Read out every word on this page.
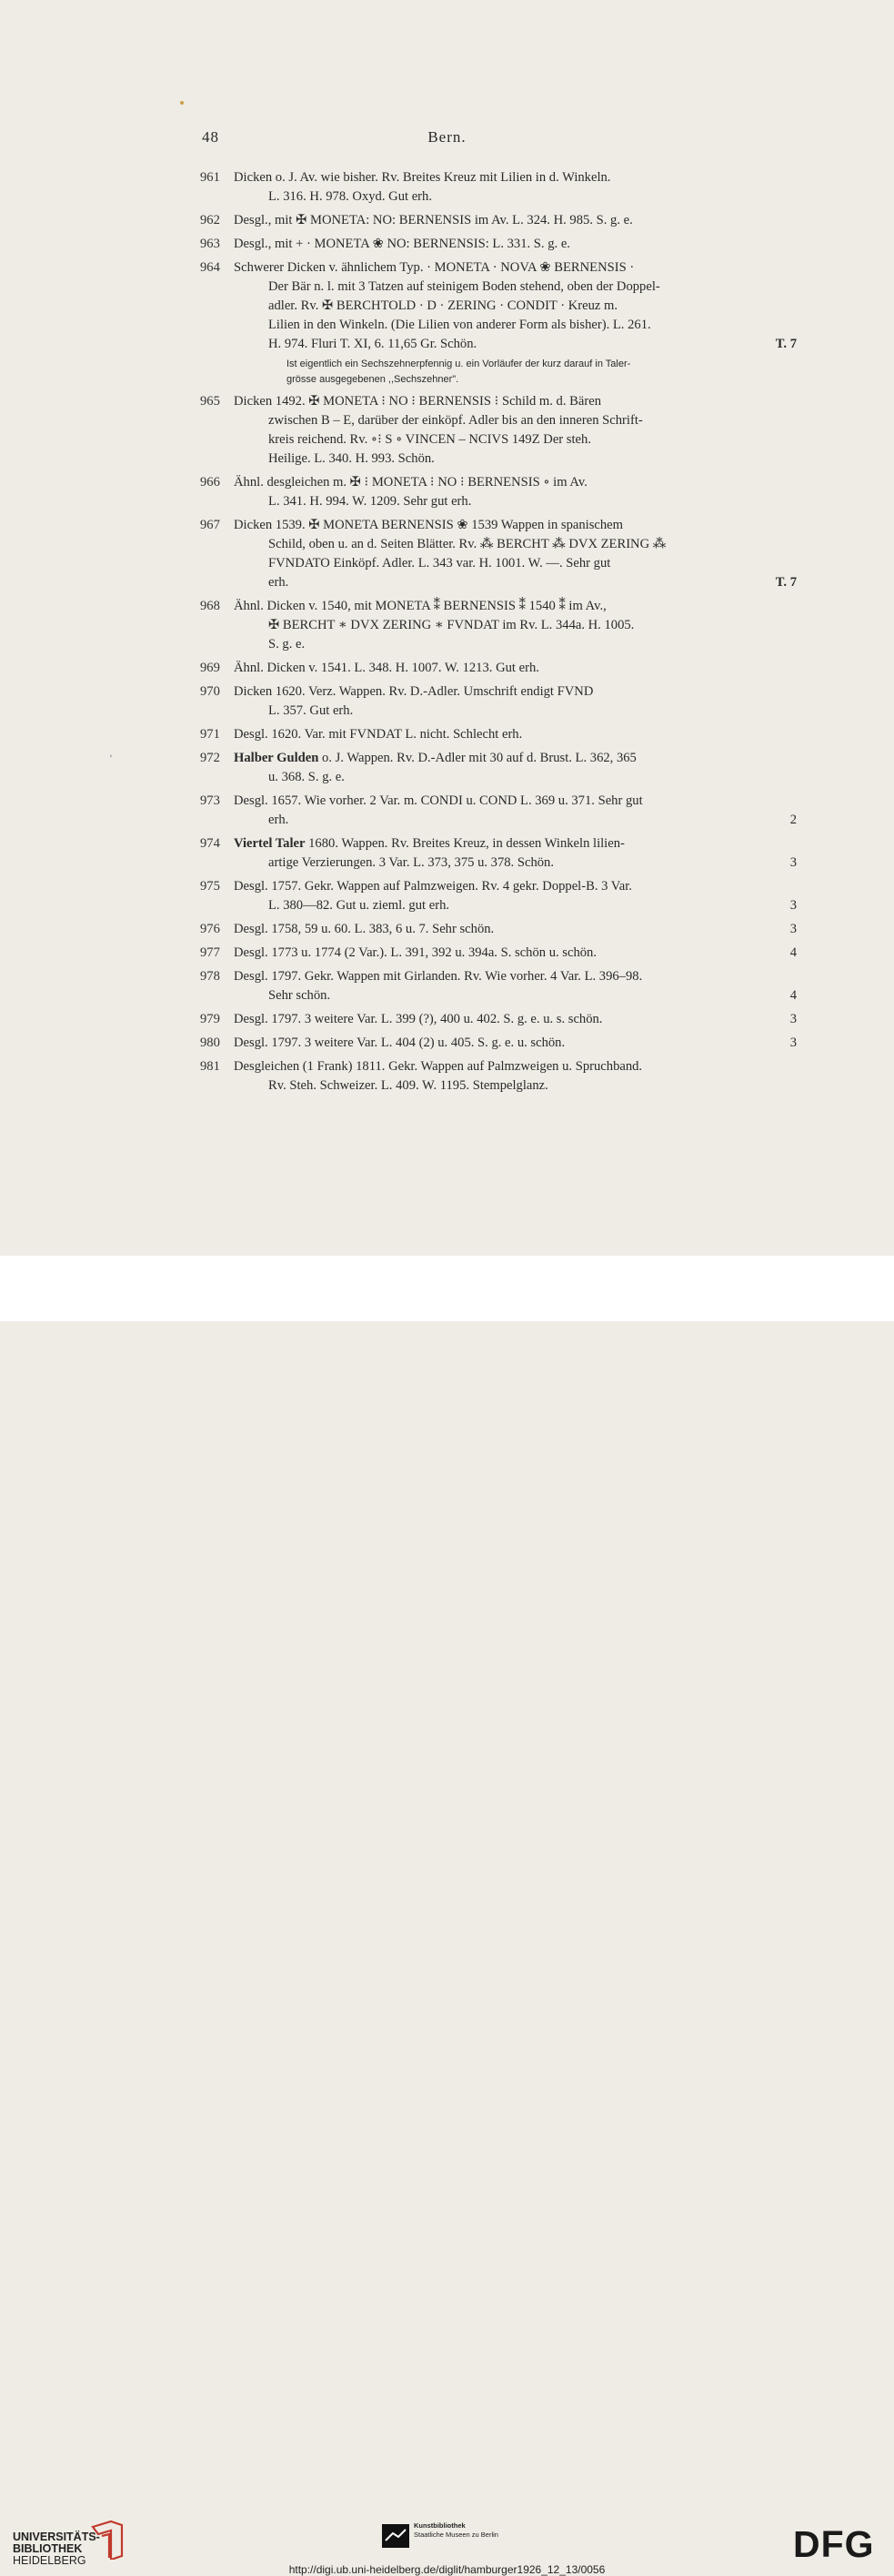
48	Bern.
‘
961	Dicken o. J. Av. wie bisher. Rv. Breites Kreuz mit Lilien in d. Winkeln.
L. 316. H. 978. Oxyd. Gut erh.
962	Desgl., mit ✠ MONETA: NO: BERNENSIS im Av. L. 324. H. 985. S. g. e.
963	Desgl., mit + · MONETA ❀ NO: BERNENSIS: L. 331. S. g. e.
964	Schwerer Dicken v. ähnlichem Typ. · MONETA · NOVA ❀ BERNENSIS ·
Der Bär n. l. mit 3 Tatzen auf steinigem Boden stehend, oben der Doppel-
adler. Rv. ✠ BERCHTOLD · D · ZERING · CONDIT · Kreuz m.
Lilien in den Winkeln. (Die Lilien von anderer Form als bisher). L. 261.
H. 974. Fluri T. XI, 6. 11,65 Gr. Schön.	T. 7
Ist eigentlich ein Sechszehnerpfennig u. ein Vorläufer der kurz darauf in Taler-
grösse ausgegebenen ,,Sechszehner".
965	Dicken 1492. ✠ MONETA ⁝ NO ⁝ BERNENSIS ⁝ Schild m. d. Bären
zwischen B – E, darüber der einköpf. Adler bis an den inneren Schrift-
kreis reichend. Rv. ∘⁝ S ∘ VINCEN – NCIVS 149Z Der steh.
Heilige. L. 340. H. 993. Schön.
966	Ähnl. desgleichen m. ✠ ⁝ MONETA ⁝ NO ⁝ BERNENSIS ∘ im Av.
L. 341. H. 994. W. 1209. Sehr gut erh.
967	Dicken 1539. ✠ MONETA BERNENSIS ❀ 1539 Wappen in spanischem
Schild, oben u. an d. Seiten Blätter. Rv. ⁂ BERCHT ⁂ DVX ZERING ⁂
FVNDATO Einköpf. Adler. L. 343 var. H. 1001. W. —. Sehr gut
erh.	T. 7
968	Ähnl. Dicken v. 1540, mit MONETA ⁑ BERNENSIS ⁑ 1540 ⁑ im Av.,
✠ BERCHT ∗ DVX ZERING ∗ FVNDAT im Rv. L. 344a. H. 1005.
S. g. e.
969	Ähnl. Dicken v. 1541. L. 348. H. 1007. W. 1213. Gut erh.
970	Dicken 1620. Verz. Wappen. Rv. D.-Adler. Umschrift endigt FVND
L. 357. Gut erh.
971	Desgl. 1620. Var. mit FVNDAT L. nicht. Schlecht erh.
972	Halber Gulden o. J. Wappen. Rv. D.-Adler mit 30 auf d. Brust. L. 362, 365
u. 368. S. g. e.
973	Desgl. 1657. Wie vorher. 2 Var. m. CONDI u. COND L. 369 u. 371. Sehr gut
erh.	2
974	Viertel Taler 1680. Wappen. Rv. Breites Kreuz, in dessen Winkeln lilien-
artige Verzierungen. 3 Var. L. 373, 375 u. 378. Schön.	3
975	Desgl. 1757. Gekr. Wappen auf Palmzweigen. Rv. 4 gekr. Doppel-B. 3 Var.
L. 380—82. Gut u. zieml. gut erh.	3
976	Desgl. 1758, 59 u. 60. L. 383, 6 u. 7. Sehr schön.	3
977	Desgl. 1773 u. 1774 (2 Var.). L. 391, 392 u. 394a. S. schön u. schön.	4
978	Desgl. 1797. Gekr. Wappen mit Girlanden. Rv. Wie vorher. 4 Var. L. 396–98.
Sehr schön.	4
979	Desgl. 1797. 3 weitere Var. L. 399 (?), 400 u. 402. S. g. e. u. s. schön.	3
980	Desgl. 1797. 3 weitere Var. L. 404 (2) u. 405. S. g. e. u. schön.	3
981	Desgleichen (1 Frank) 1811. Gekr. Wappen auf Palmzweigen u. Spruchband.
Rv. Steh. Schweizer. L. 409. W. 1195. Stempelglanz.
UNIVERSITÄTS-
BIBLIOTHEK
HEIDELBERG
Kunstbibliothek
Staatliche Museen zu Berlin	DFG
http://digi.ub.uni-heidelberg.de/diglit/hamburger1926_12_13/0056
